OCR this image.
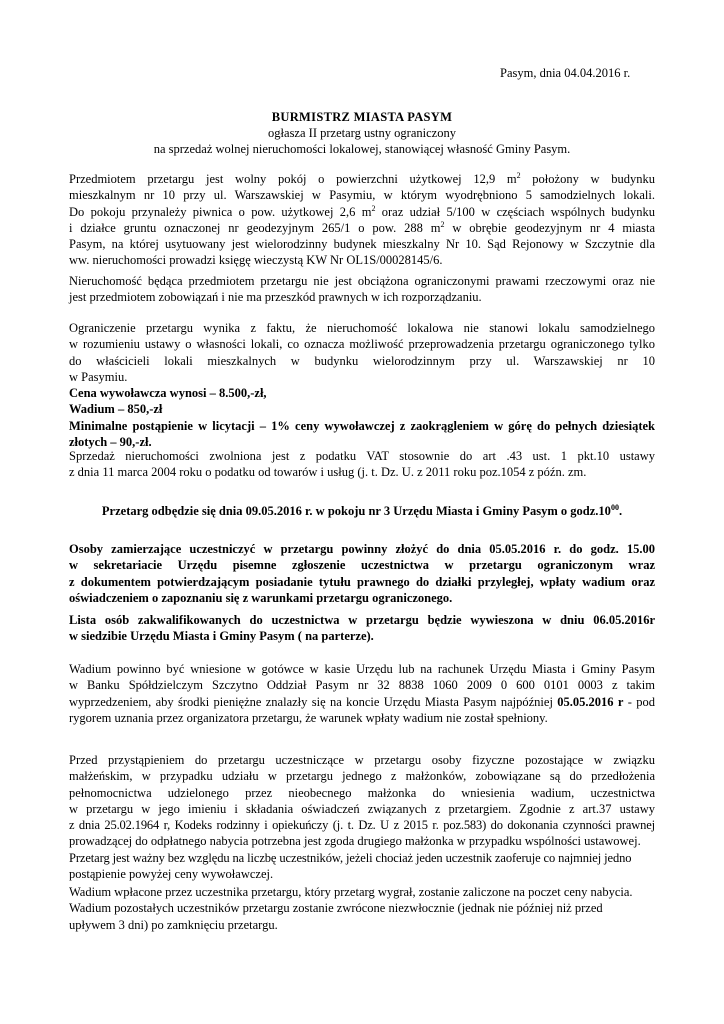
Pasym, dnia 04.04.2016 r.
BURMISTRZ MIASTA PASYM
ogłasza II przetarg ustny ograniczony
na sprzedaż wolnej nieruchomości lokalowej, stanowiącej własność Gminy Pasym.
Przedmiotem przetargu jest wolny pokój o powierzchni użytkowej 12,9 $m^2$ położony w budynku
mieszkalnym nr 10 przy ul. Warszawskiej w Pasymiu, w którym wyodrębniono 5 samodzielnych lokali.
Do pokoju przynależy piwnica o pow. użytkowej 2,6 $m^2$ oraz udział 5/100 w częściach wspólnych budynku
i działce gruntu oznaczonej nr geodezyjnym 265/1 o pow. 288 $m^2$ w obrębie geodezyjnym nr 4 miasta
Pasym, na której usytuowany jest wielorodzinny budynek mieszkalny Nr 10. Sąd Rejonowy w Szczytnie dla
ww. nieruchomości prowadzi księgę wieczystą KW Nr OL1S/00028145/6.
Nieruchomość będąca przedmiotem przetargu nie jest obciążona ograniczonymi prawami rzeczowymi oraz nie
jest przedmiotem zobowiązań i nie ma przeszkód prawnych w ich rozporządzaniu.
Ograniczenie przetargu wynika z faktu, że nieruchomość lokalowa nie stanowi lokalu samodzielnego
w rozumieniu ustawy o własności lokali, co oznacza możliwość przeprowadzenia przetargu ograniczonego tylko
do właścicieli lokali mieszkalnych w budynku wielorodzinnym przy ul. Warszawskiej nr 10
w Pasymiu.
Cena wywoławcza wynosi – 8.500,-zł,
Wadium – 850,-zł
Minimalne postąpienie w licytacji – 1% ceny wywoławczej z zaokrągleniem w górę do pełnych dziesiątek
złotych – 90,-zł.
Sprzedaż nieruchomości zwolniona jest z podatku VAT stosownie do art .43 ust. 1 pkt.10 ustawy
z dnia 11 marca 2004 roku o podatku od towarów i usług (j. t. Dz. U. z 2011 roku poz.1054 z późn. zm.
Przetarg odbędzie się dnia 09.05.2016 r. w pokoju nr 3 Urzędu Miasta i Gminy Pasym o $godz.10^{00}$.
Osoby zamierzające uczestniczyć w przetargu powinny złożyć do dnia 05.05.2016 r. do godz. 15.00
w sekretariacie Urzędu pisemne zgłoszenie uczestnictwa w przetargu ograniczonym wraz
z dokumentem potwierdzającym posiadanie tytułu prawnego do działki przyległej, wpłaty wadium oraz
oświadczeniem o zapoznaniu się z warunkami przetargu ograniczonego.
Lista osób zakwalifikowanych do uczestnictwa w przetargu będzie wywieszona w dniu 06.05.2016r
w siedzibie Urzędu Miasta i Gminy Pasym ( na parterze).
Wadium powinno być wniesione w gotówce w kasie Urzędu lub na rachunek Urzędu Miasta i Gminy Pasym
w Banku Spółdzielczym Szczytno Oddział Pasym nr 32 8838 1060 2009 0 600 0101 0003 z takim
wyprzedzeniem, aby środki pieniężne znalazły się na koncie Urzędu Miasta Pasym najpóźniej 05.05.2016 r - pod
rygorem uznania przez organizatora przetargu, że warunek wpłaty wadium nie został spełniony.
Przed przystąpieniem do przetargu uczestniczące w przetargu osoby fizyczne pozostające w związku
małżeńskim, w przypadku udziału w przetargu jednego z małżonków, zobowiązane są do przedłożenia
pełnomocnictwa udzielonego przez nieobecnego małżonka do wniesienia wadium, uczestnictwa
w przetargu w jego imieniu i składania oświadczeń związanych z przetargiem. Zgodnie z art.37 ustawy
z dnia 25.02.1964 r, Kodeks rodzinny i opiekuńczy (j. t. Dz. U z 2015 r. poz.583) do dokonania czynności prawnej
prowadzącej do odpłatnego nabycia potrzebna jest zgoda drugiego małżonka w przypadku wspólności ustawowej.
Przetarg jest ważny bez względu na liczbę uczestników, jeżeli chociaż jeden uczestnik zaoferuje co najmniej jedno
postąpienie powyżej ceny wywoławczej.
Wadium wpłacone przez uczestnika przetargu, który przetarg wygrał, zostanie zaliczone na poczet ceny nabycia.
Wadium pozostałych uczestników przetargu zostanie zwrócone niezwłocznie (jednak nie później niż przed
upływem 3 dni) po zamknięciu przetargu.
